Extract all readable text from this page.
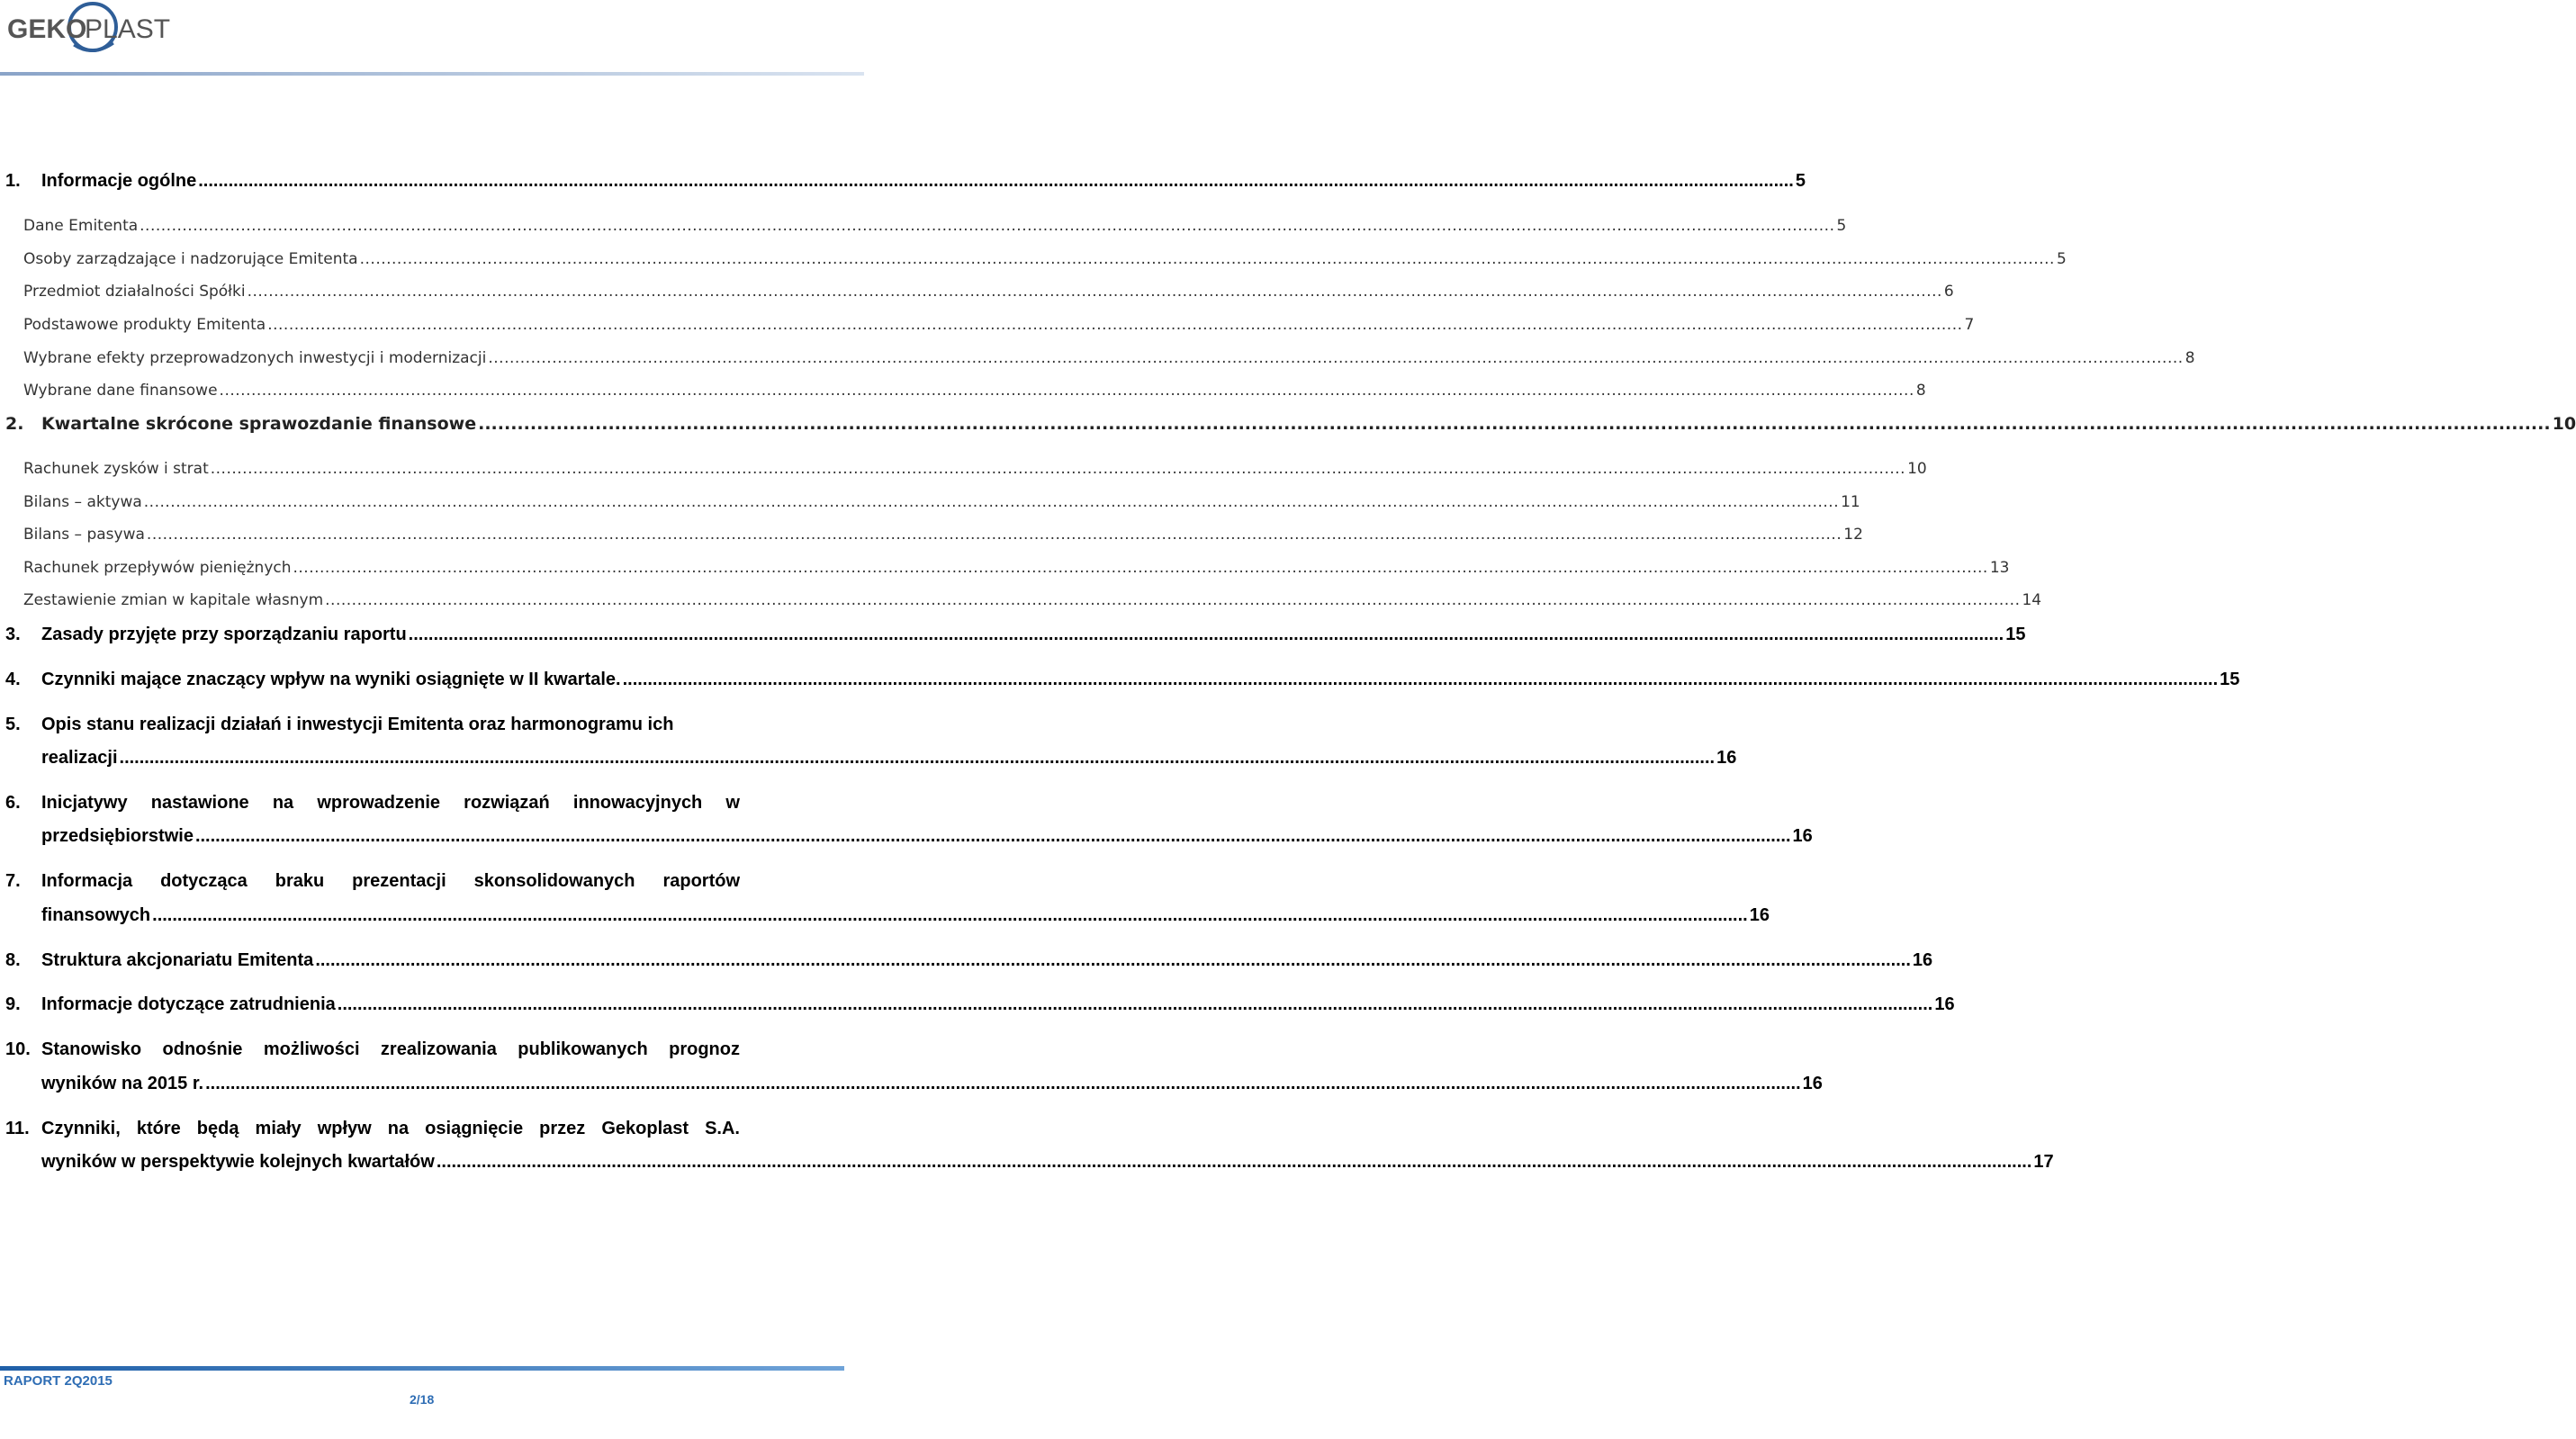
GEKO
PLAST
1. Informacje ogólne .....	5
Dane Emitenta .....	5
Osoby zarządzające i nadzorujące Emitenta .....	5
Przedmiot działalności Spółki .....	6
Podstawowe produkty Emitenta .....	7
Wybrane efekty przeprowadzonych inwestycji i modernizacji .....	8
Wybrane dane finansowe .....	8
2. Kwartalne skrócone sprawozdanie finansowe .....	10
Rachunek zysków i strat .....	10
Bilans – aktywa .....	11
Bilans – pasywa .....	12
Rachunek przepływów pieniężnych .....	13
Zestawienie zmian w kapitale własnym .....	14
3. Zasady przyjęte przy sporządzaniu raportu .....	15
4. Czynniki mające znaczący wpływ na wyniki osiągnięte w II kwartale. .....	15
5. Opis stanu realizacji działań i inwestycji Emitenta oraz harmonogramu ich
realizacji .....	16
6. Inicjatywy nastawione na wprowadzenie rozwiązań innowacyjnych w
przedsiębiorstwie .....	16
7. Informacja dotycząca braku prezentacji skonsolidowanych raportów
finansowych .....	16
8. Struktura akcjonariatu Emitenta .....	16
9. Informacje dotyczące zatrudnienia .....	16
10. Stanowisko odnośnie możliwości zrealizowania publikowanych prognoz
wyników na 2015 r. .....	16
11. Czynniki, które będą miały wpływ na osiągnięcie przez Gekoplast S.A.
wyników w perspektywie kolejnych kwartałów .....	17
RAPORT 2Q2015
2/18
